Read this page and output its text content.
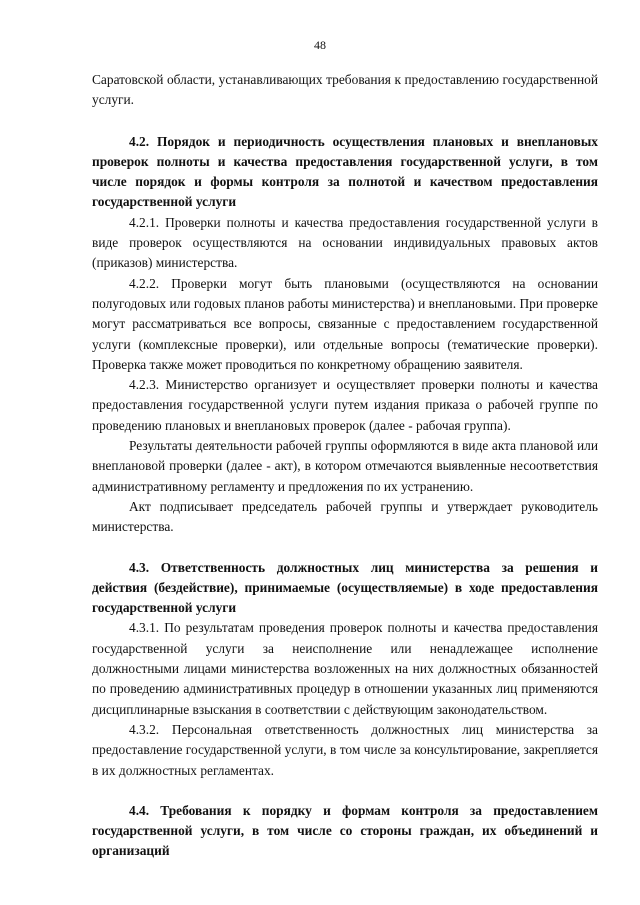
48

Саратовской области, устанавливающих требования к предоставлению государственной услуги.

4.2. Порядок и периодичность осуществления плановых и внеплановых проверок полноты и качества предоставления государственной услуги, в том числе порядок и формы контроля за полнотой и качеством предоставления государственной услуги

4.2.1. Проверки полноты и качества предоставления государственной услуги в виде проверок осуществляются на основании индивидуальных правовых актов (приказов) министерства.

4.2.2. Проверки могут быть плановыми (осуществляются на основании полугодовых или годовых планов работы министерства) и внеплановыми. При проверке могут рассматриваться все вопросы, связанные с предоставлением государственной услуги (комплексные проверки), или отдельные вопросы (тематические проверки). Проверка также может проводиться по конкретному обращению заявителя.

4.2.3. Министерство организует и осуществляет проверки полноты и качества предоставления государственной услуги путем издания приказа о рабочей группе по проведению плановых и внеплановых проверок (далее - рабочая группа).

Результаты деятельности рабочей группы оформляются в виде акта плановой или внеплановой проверки (далее - акт), в котором отмечаются выявленные несоответствия административному регламенту и предложения по их устранению.

Акт подписывает председатель рабочей группы и утверждает руководитель министерства.

4.3. Ответственность должностных лиц министерства за решения и действия (бездействие), принимаемые (осуществляемые) в ходе предоставления государственной услуги

4.3.1. По результатам проведения проверок полноты и качества предоставления государственной услуги за неисполнение или ненадлежащее исполнение должностными лицами министерства возложенных на них должностных обязанностей по проведению административных процедур в отношении указанных лиц применяются дисциплинарные взыскания в соответствии с действующим законодательством.

4.3.2. Персональная ответственность должностных лиц министерства за предоставление государственной услуги, в том числе за консультирование, закрепляется в их должностных регламентах.

4.4. Требования к порядку и формам контроля за предоставлением государственной услуги, в том числе со стороны граждан, их объединений и организаций
